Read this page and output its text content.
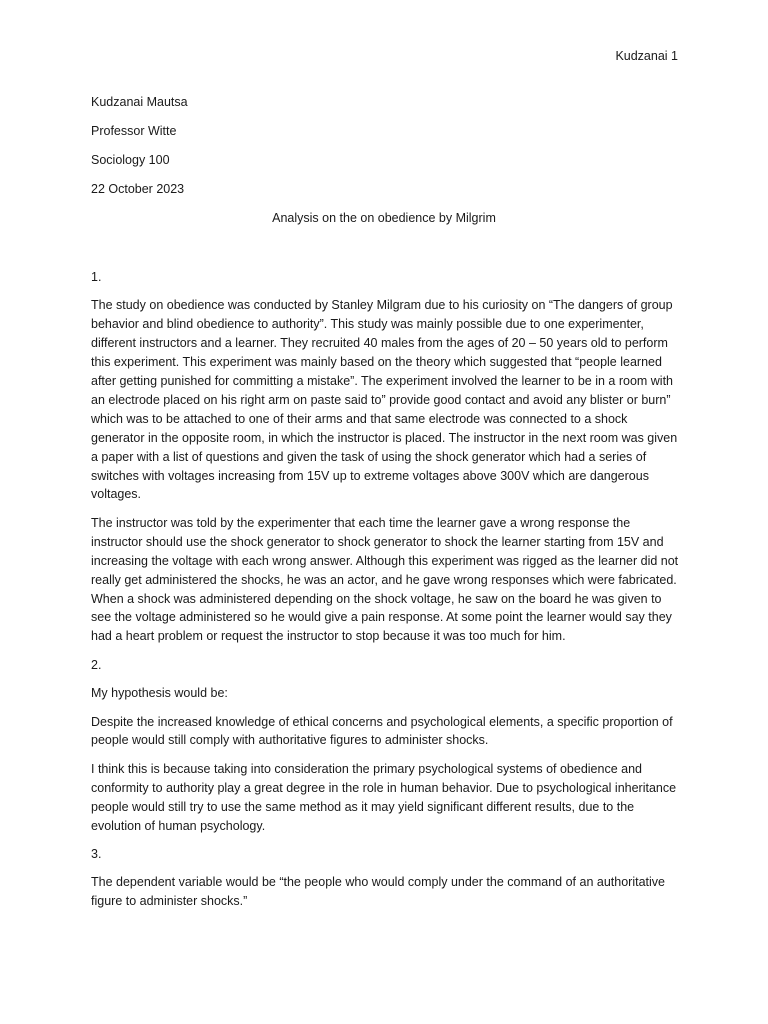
Kudzanai 1
Kudzanai Mautsa
Professor Witte
Sociology 100
22 October 2023
Analysis on the on obedience by Milgrim

1.

The study on obedience was conducted by Stanley Milgram due to his curiosity on “The dangers of group behavior and blind obedience to authority”. This study was mainly possible due to one experimenter, different instructors and a learner. They recruited 40 males from the ages of 20 – 50 years old to perform this experiment. This experiment was mainly based on the theory which suggested that “people learned after getting punished for committing a mistake”. The experiment involved the learner to be in a room with an electrode placed on his right arm on paste said to” provide good contact and avoid any blister or burn” which was to be attached to one of their arms and that same electrode was connected to a shock generator in the opposite room, in which the instructor is placed. The instructor in the next room was given a paper with a list of questions and given the task of using the shock generator which had a series of switches with voltages increasing from 15V up to extreme voltages above 300V which are dangerous voltages.

The instructor was told by the experimenter that each time the learner gave a wrong response the instructor should use the shock generator to shock generator to shock the learner starting from 15V and increasing the voltage with each wrong answer. Although this experiment was rigged as the learner did not really get administered the shocks, he was an actor, and he gave wrong responses which were fabricated. When a shock was administered depending on the shock voltage, he saw on the board he was given to see the voltage administered so he would give a pain response. At some point the learner would say they had a heart problem or request the instructor to stop because it was too much for him.

2.

My hypothesis would be:

Despite the increased knowledge of ethical concerns and psychological elements, a specific proportion of people would still comply with authoritative figures to administer shocks.

I think this is because taking into consideration the primary psychological systems of obedience and conformity to authority play a great degree in the role in human behavior. Due to psychological inheritance people would still try to use the same method as it may yield significant different results, due to the evolution of human psychology.

3.

The dependent variable would be “the people who would comply under the command of an authoritative figure to administer shocks.”
